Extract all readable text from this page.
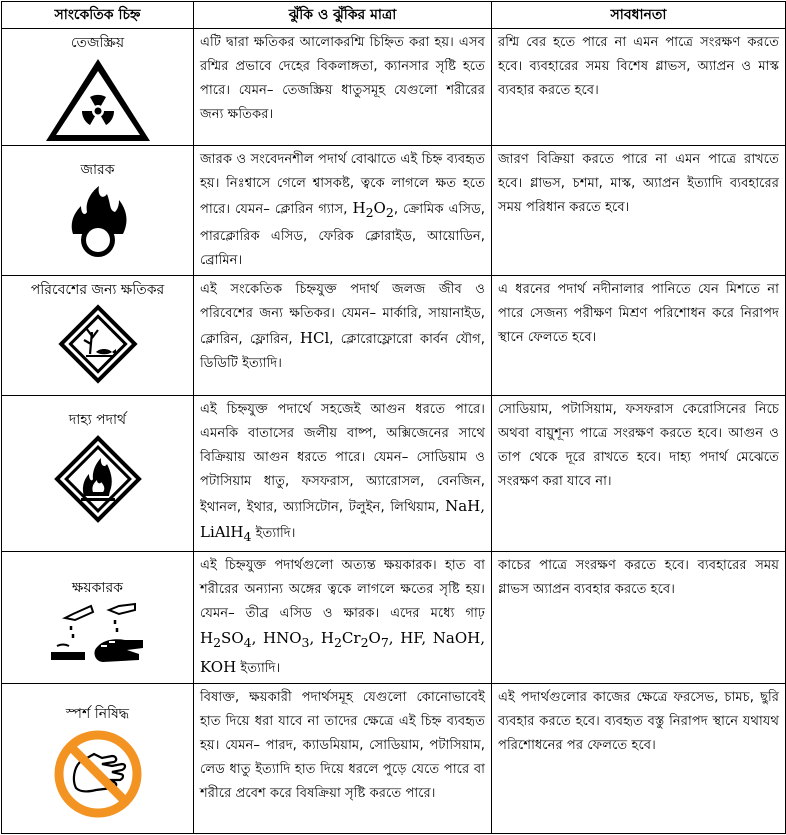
সাংকেতিক চিহ্ন	ঝুঁকি ও ঝুঁকির মাত্রা	সাবধানতা

তেজস্ক্রিয়	এটি দ্বারা ক্ষতিকর আলোকরশ্মি চিহ্নিত করা হয়। এসব রশ্মির প্রভাবে দেহের বিকলাঙ্গতা, ক্যানসার সৃষ্টি হতে পারে। যেমন– তেজস্ক্রিয় ধাতুসমূহ যেগুলো শরীরের জন্য ক্ষতিকর।	রশ্মি বের হতে পারে না এমন পাত্রে সংরক্ষণ করতে হবে। ব্যবহারের সময় বিশেষ গ্লাভস, অ্যাপ্রন ও মাস্ক ব্যবহার করতে হবে।

জারক	জারক ও সংবেদনশীল পদার্থ বোঝাতে এই চিহ্ন ব্যবহৃত হয়। নিঃশ্বাসে গেলে শ্বাসকষ্ট, ত্বকে লাগলে ক্ষত হতে পারে। যেমন– ক্লোরিন গ্যাস, $H_2O_2$, ক্রোমিক এসিড, পারক্লোরিক এসিড, ফেরিক ক্লোরাইড, আয়োডিন, ব্রোমিন।	জারণ বিক্রিয়া করতে পারে না এমন পাত্রে রাখতে হবে। গ্লাভস, চশমা, মাস্ক, অ্যাপ্রন ইত্যাদি ব্যবহারের সময় পরিধান করতে হবে।

পরিবেশের জন্য ক্ষতিকর	এই সংকেতিক চিহ্নযুক্ত পদার্থ জলজ জীব ও পরিবেশের জন্য ক্ষতিকর। যেমন– মার্কারি, সায়ানাইড, ক্লোরিন, ফ্লোরিন, HCl, ক্লোরোফ্লোরো কার্বন যৌগ, ডিডিটি ইত্যাদি।	এ ধরনের পদার্থ নদীনালার পানিতে যেন মিশতে না পারে সেজন্য পরীক্ষণ মিশ্রণ পরিশোধন করে নিরাপদ স্থানে ফেলতে হবে।

দাহ্য পদার্থ	এই চিহ্নযুক্ত পদার্থে সহজেই আগুন ধরতে পারে। এমনকি বাতাসের জলীয় বাষ্প, অক্সিজেনের সাথে বিক্রিয়ায় আগুন ধরতে পারে। যেমন– সোডিয়াম ও পটাসিয়াম ধাতু, ফসফরাস, অ্যারোসল, বেনজিন, ইথানল, ইথার, অ্যাসিটোন, টলুইন, লিথিয়াম, NaH, LiAlH$_4$ ইত্যাদি।	সোডিয়াম, পটাসিয়াম, ফসফরাস কেরোসিনের নিচে অথবা বায়ুশূন্য পাত্রে সংরক্ষণ করতে হবে। আগুন ও তাপ থেকে দূরে রাখতে হবে। দাহ্য পদার্থ মেঝেতে সংরক্ষণ করা যাবে না।

ক্ষয়কারক	এই চিহ্নযুক্ত পদার্থগুলো অত্যন্ত ক্ষয়কারক। হাত বা শরীরের অন্যান্য অঙ্গের ত্বকে লাগলে ক্ষতের সৃষ্টি হয়। যেমন– তীব্র এসিড ও ক্ষারক। এদের মধ্যে গাঢ় $H_2SO_4$, $HNO_3$, $H_2Cr_2O_7$, HF, NaOH, KOH ইত্যাদি।	কাচের পাত্রে সংরক্ষণ করতে হবে। ব্যবহারের সময় গ্লাভস অ্যাপ্রন ব্যবহার করতে হবে।

স্পর্শ নিষিদ্ধ	বিষাক্ত, ক্ষয়কারী পদার্থসমূহ যেগুলো কোনোভাবেই হাত দিয়ে ধরা যাবে না তাদের ক্ষেত্রে এই চিহ্ন ব্যবহৃত হয়। যেমন– পারদ, ক্যাডমিয়াম, সোডিয়াম, পটাসিয়াম, লেড ধাতু ইত্যাদি হাত দিয়ে ধরলে পুড়ে যেতে পারে বা শরীরে প্রবেশ করে বিষক্রিয়া সৃষ্টি করতে পারে।	এই পদার্থগুলোর কাজের ক্ষেত্রে ফরসেভ, চামচ, ছুরি ব্যবহার করতে হবে। ব্যবহৃত বস্তু নিরাপদ স্থানে যথাযথ পরিশোধনের পর ফেলতে হবে।
